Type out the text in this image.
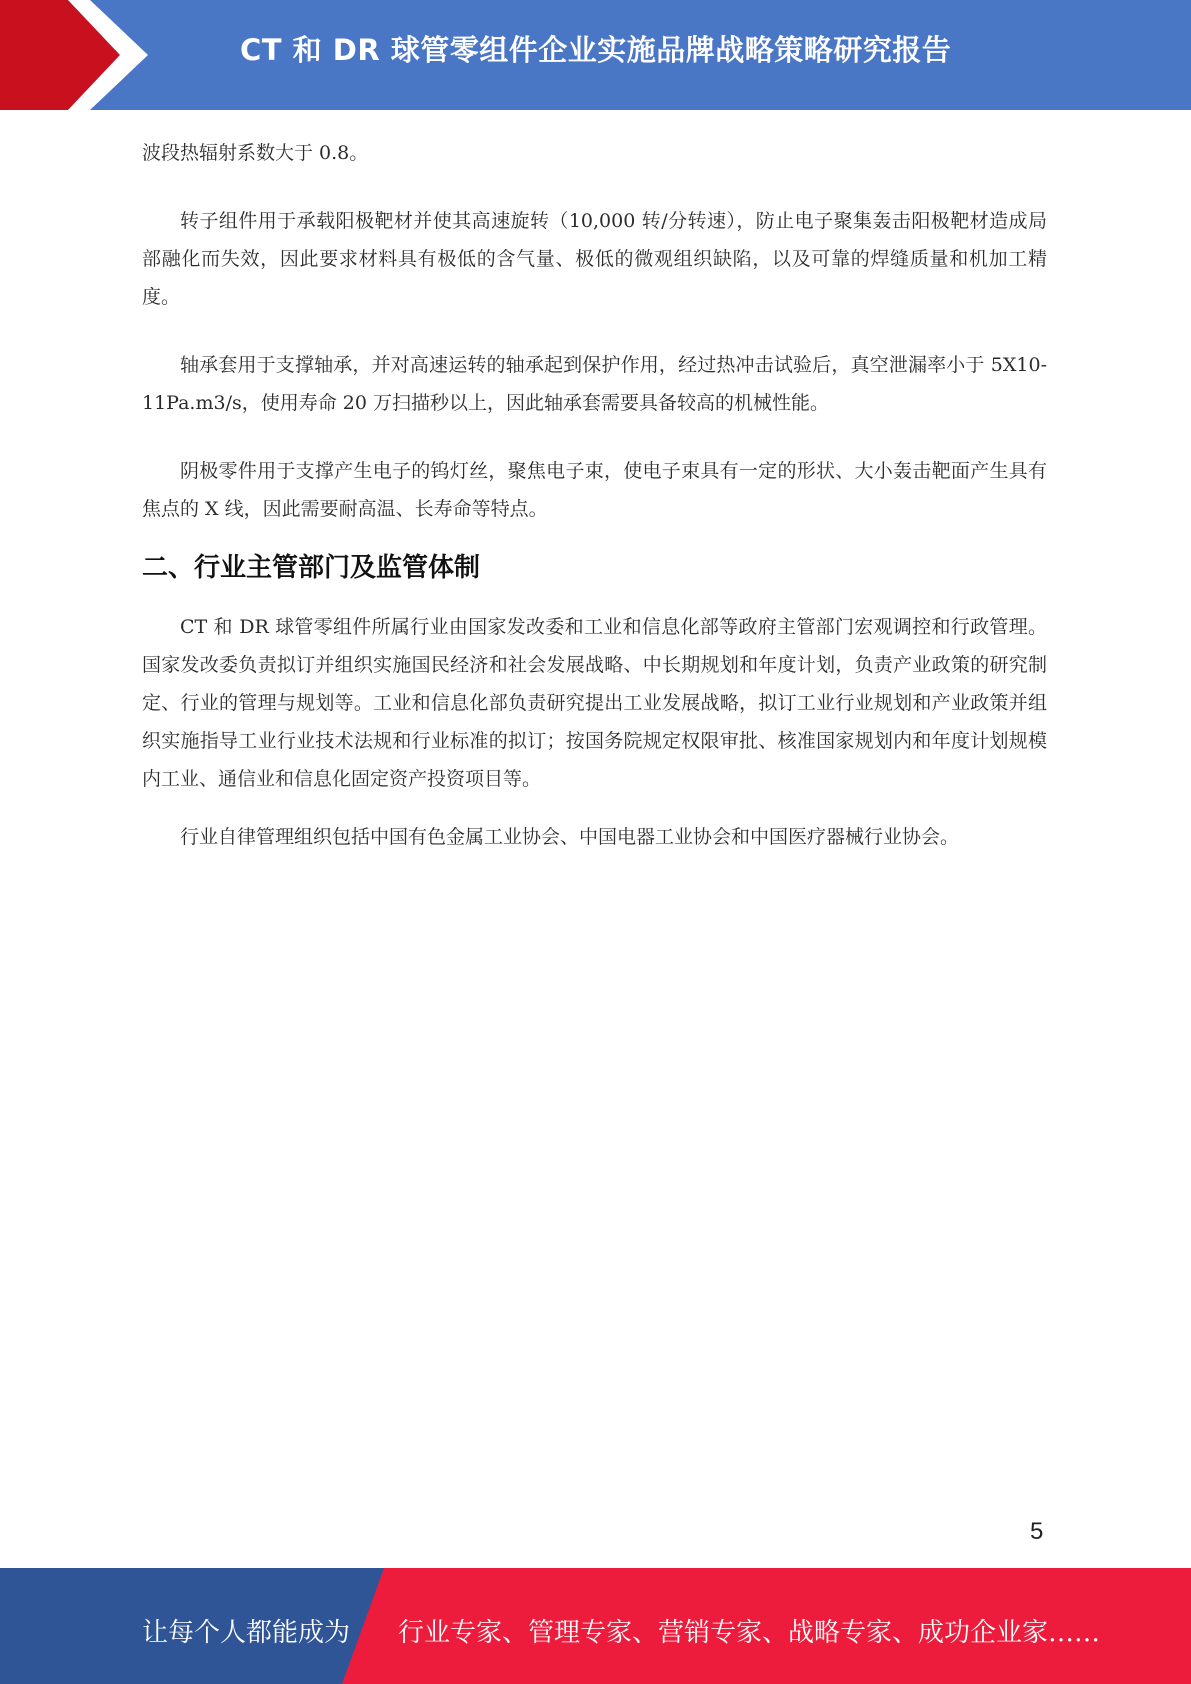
CT 和 DR 球管零组件企业实施品牌战略策略研究报告

波段热辐射系数大于 0.8。

转子组件用于承载阳极靶材并使其高速旋转（10,000 转/分转速），防止电子聚集轰击阳极靶材造成局部融化而失效，因此要求材料具有极低的含气量、极低的微观组织缺陷，以及可靠的焊缝质量和机加工精度。

轴承套用于支撑轴承，并对高速运转的轴承起到保护作用，经过热冲击试验后，真空泄漏率小于 5X10-11Pa.m3/s，使用寿命 20 万扫描秒以上，因此轴承套需要具备较高的机械性能。

阴极零件用于支撑产生电子的钨灯丝，聚焦电子束，使电子束具有一定的形状、大小轰击靶面产生具有焦点的 X 线，因此需要耐高温、长寿命等特点。

二、行业主管部门及监管体制

CT 和 DR 球管零组件所属行业由国家发改委和工业和信息化部等政府主管部门宏观调控和行政管理。国家发改委负责拟订并组织实施国民经济和社会发展战略、中长期规划和年度计划，负责产业政策的研究制定、行业的管理与规划等。工业和信息化部负责研究提出工业发展战略，拟订工业行业规划和产业政策并组织实施指导工业行业技术法规和行业标准的拟订；按国务院规定权限审批、核准国家规划内和年度计划规模内工业、通信业和信息化固定资产投资项目等。

行业自律管理组织包括中国有色金属工业协会、中国电器工业协会和中国医疗器械行业协会。

5
让每个人都能成为 行业专家、管理专家、营销专家、战略专家、成功企业家……
